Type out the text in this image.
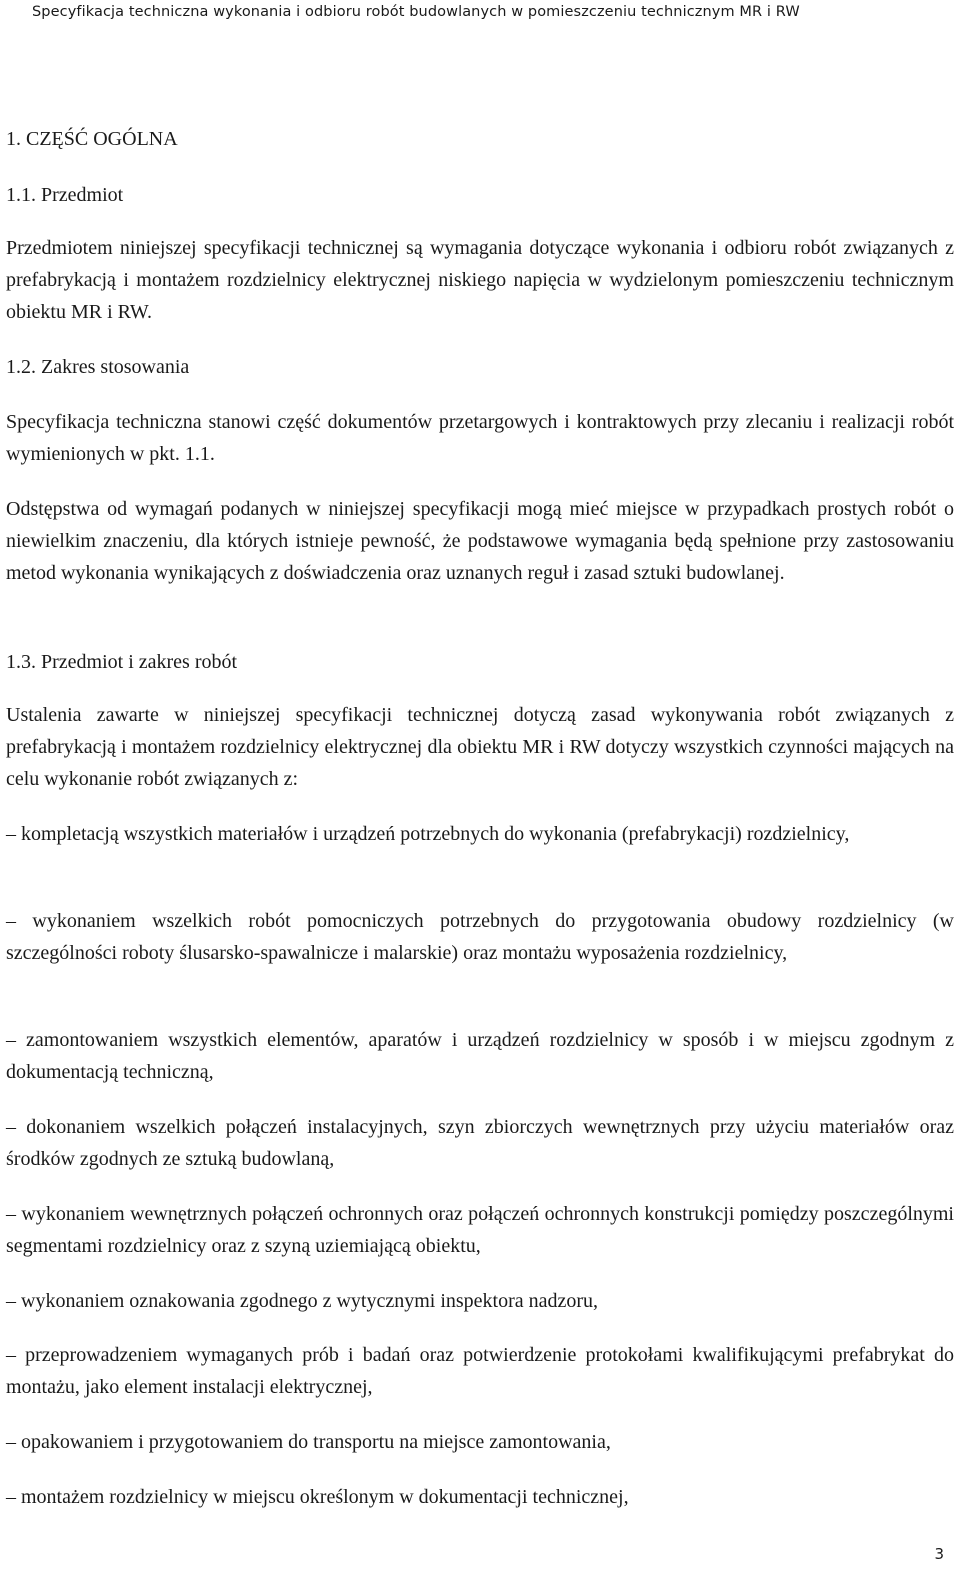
Specyfikacja techniczna wykonania i odbioru robót budowlanych w pomieszczeniu technicznym MR i RW
1. CZĘŚĆ OGÓLNA
1.1. Przedmiot
Przedmiotem niniejszej specyfikacji technicznej są wymagania dotyczące wykonania i odbioru robót związanych z prefabrykacją i montażem rozdzielnicy elektrycznej niskiego napięcia w wydzielonym pomieszczeniu technicznym obiektu MR i RW.
1.2. Zakres stosowania
Specyfikacja techniczna stanowi część dokumentów przetargowych i kontraktowych przy zlecaniu i realizacji robót wymienionych w pkt. 1.1.
Odstępstwa od wymagań podanych w niniejszej specyfikacji mogą mieć miejsce w przypadkach prostych robót o niewielkim znaczeniu, dla których istnieje pewność, że podstawowe wymagania będą spełnione przy zastosowaniu metod wykonania wynikających z doświadczenia oraz uznanych reguł i zasad sztuki budowlanej.
1.3. Przedmiot i zakres robót
Ustalenia zawarte w niniejszej specyfikacji technicznej dotyczą zasad wykonywania robót związanych z prefabrykacją i montażem rozdzielnicy elektrycznej dla obiektu MR i RW dotyczy wszystkich czynności mających na celu wykonanie robót związanych z:
– kompletacją wszystkich materiałów i urządzeń potrzebnych do wykonania (prefabrykacji) rozdzielnicy,
– wykonaniem wszelkich robót pomocniczych potrzebnych do przygotowania obudowy rozdzielnicy (w szczególności roboty ślusarsko-spawalnicze i malarskie) oraz montażu wyposażenia rozdzielnicy,
– zamontowaniem wszystkich elementów, aparatów i urządzeń rozdzielnicy w sposób i w miejscu zgodnym z dokumentacją techniczną,
– dokonaniem wszelkich połączeń instalacyjnych, szyn zbiorczych wewnętrznych przy użyciu materiałów oraz środków zgodnych ze sztuką budowlaną,
– wykonaniem wewnętrznych połączeń ochronnych oraz połączeń ochronnych konstrukcji pomiędzy poszczególnymi segmentami rozdzielnicy oraz z szyną uziemiającą obiektu,
– wykonaniem oznakowania zgodnego z wytycznymi inspektora nadzoru,
– przeprowadzeniem wymaganych prób i badań oraz potwierdzenie protokołami kwalifikującymi prefabrykat do montażu, jako element instalacji elektrycznej,
– opakowaniem i przygotowaniem do transportu na miejsce zamontowania,
– montażem rozdzielnicy w miejscu określonym w dokumentacji technicznej,
3
